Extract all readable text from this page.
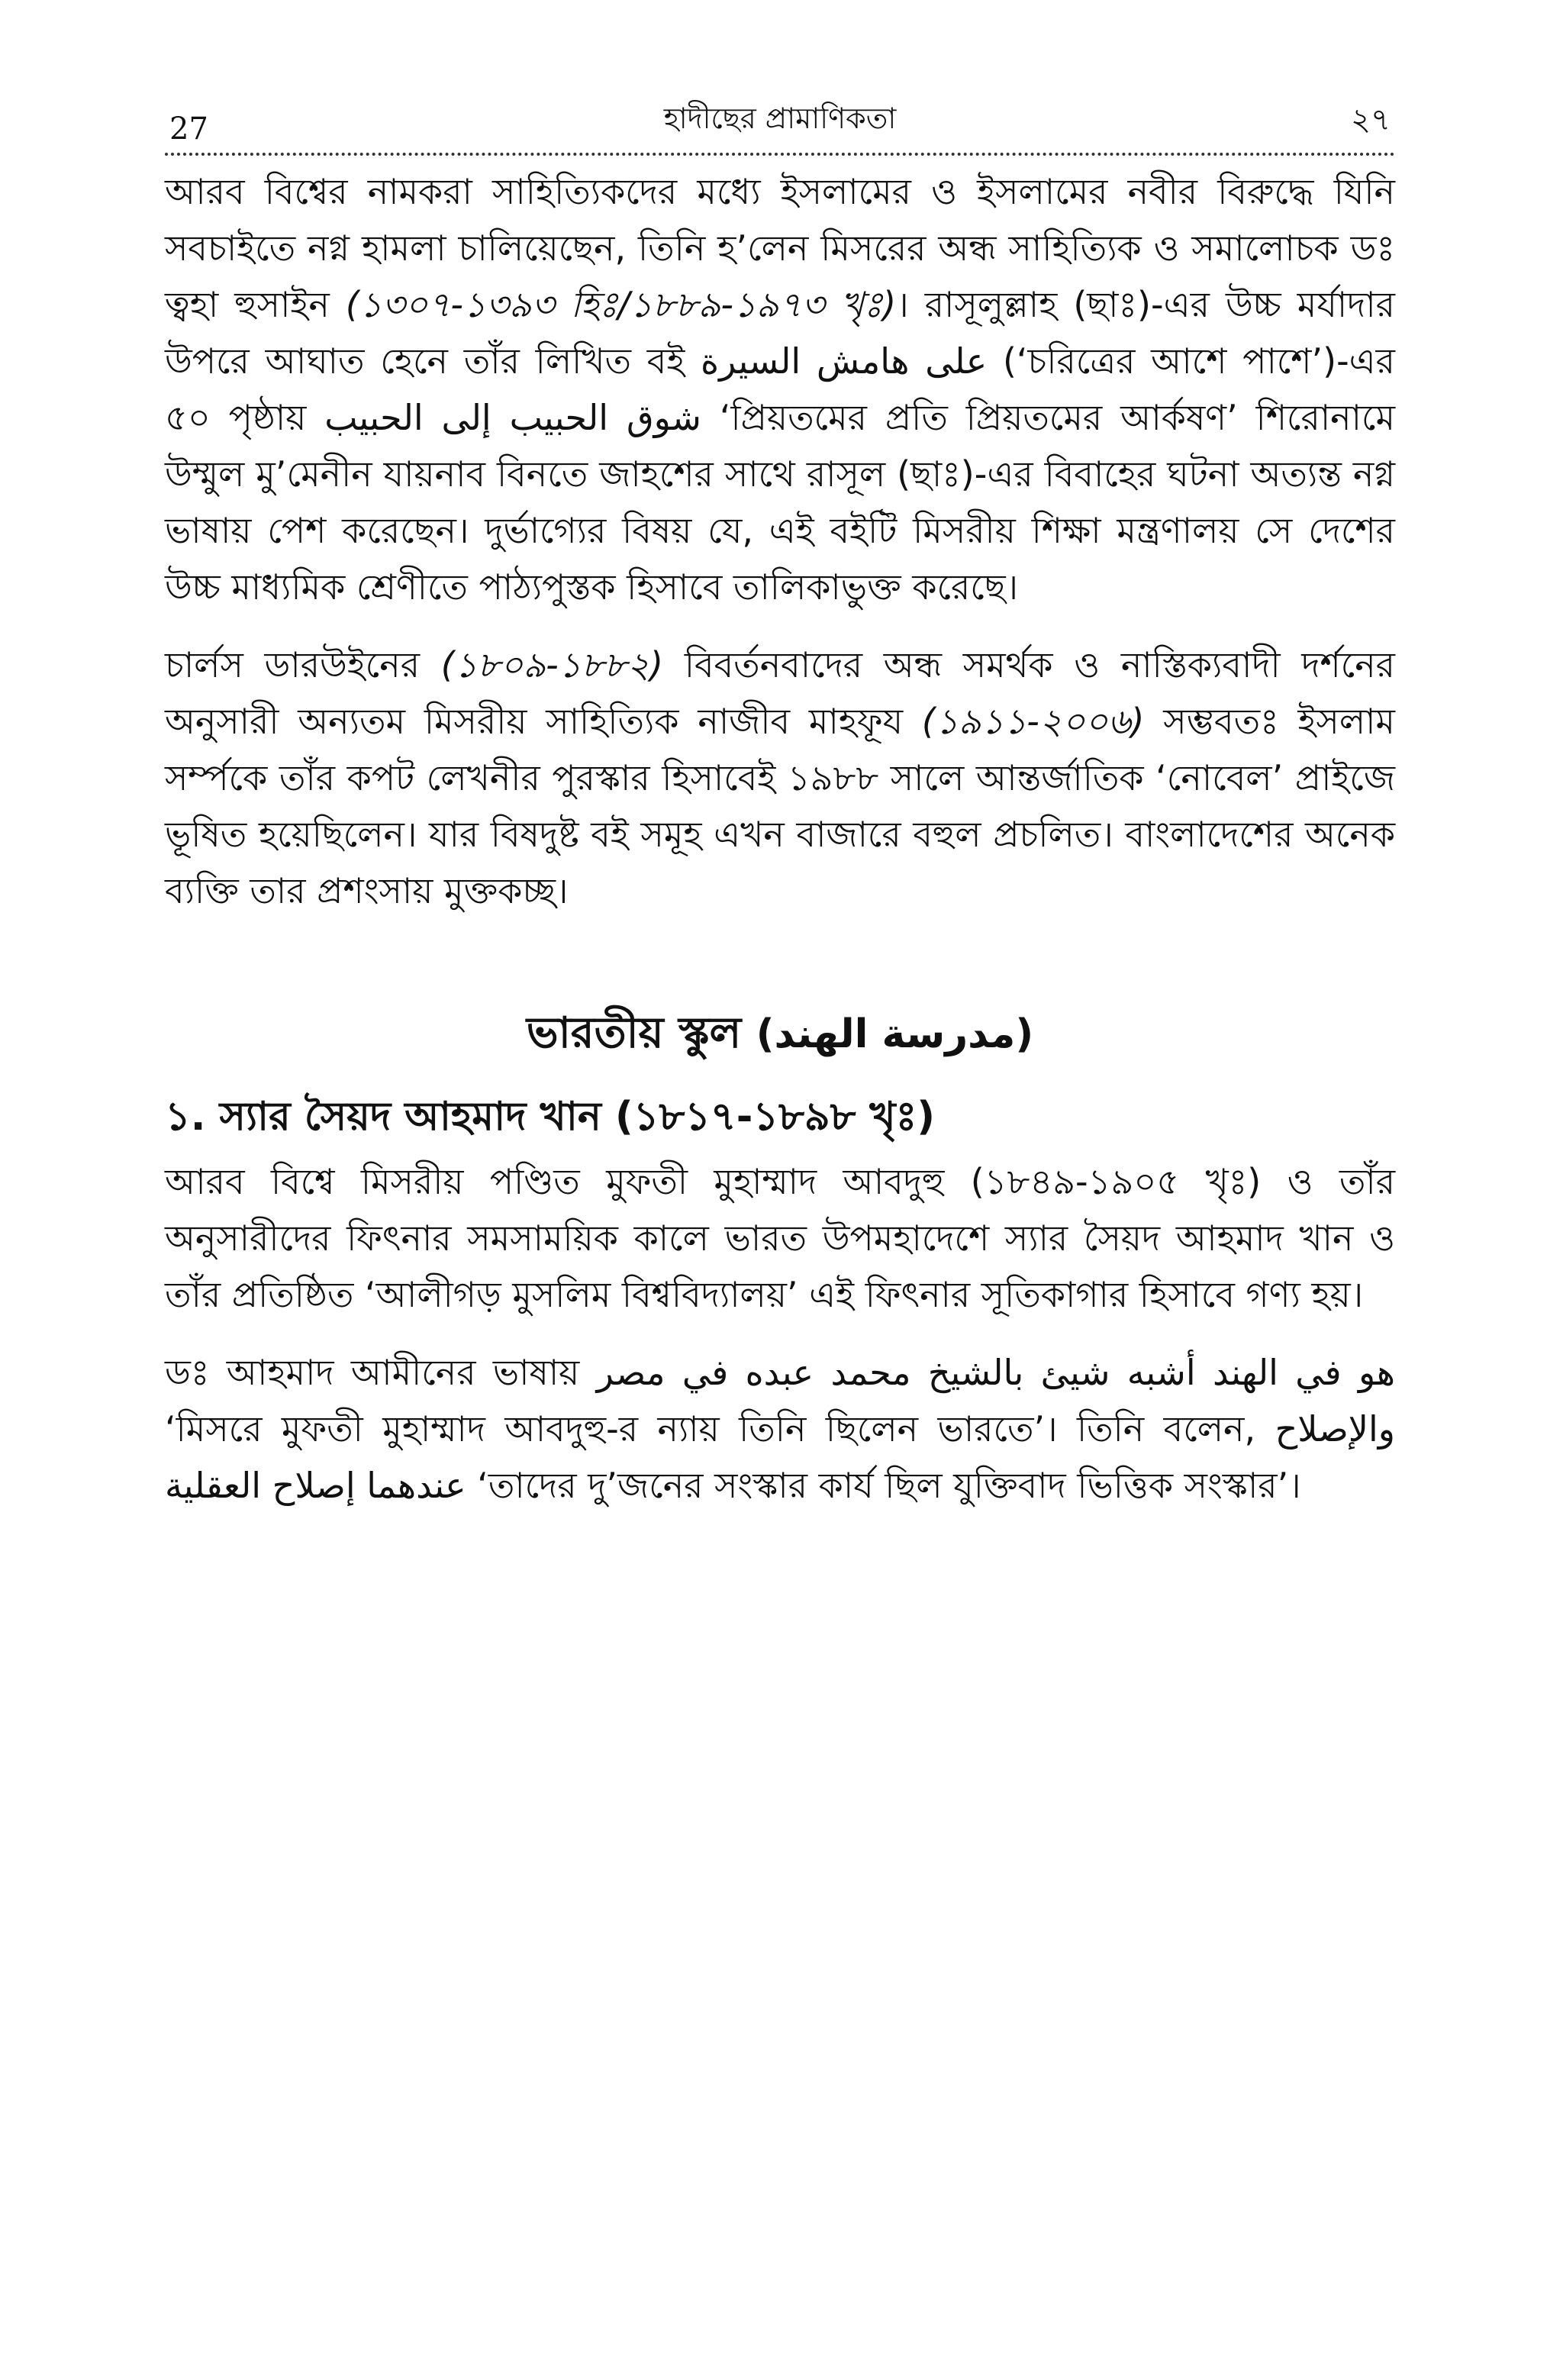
27	হাদীছের প্রামাণিকতা	২৭

আরব বিশ্বের নামকরা সাহিত্যিকদের মধ্যে ইসলামের ও ইসলামের নবীর বিরুদ্ধে যিনি সবচাইতে নগ্ন হামলা চালিয়েছেন, তিনি হ’লেন মিসরের অন্ধ সাহিত্যিক ও সমালোচক ডঃ ত্বহা হুসাইন (১৩০৭-১৩৯৩ হিঃ/১৮৮৯-১৯৭৩ খৃঃ)। রাসূলুল্লাহ (ছাঃ)-এর উচ্চ মর্যাদার উপরে আঘাত হেনে তাঁর লিখিত বই على هامش السيرة (‘চরিত্রের আশে পাশে’)-এর ৫০ পৃষ্ঠায় شوق الحبيب إلى الحبيب ‘প্রিয়তমের প্রতি প্রিয়তমের আর্কষণ’ শিরোনামে উম্মুল মু’মেনীন যায়নাব বিনতে জাহশের সাথে রাসূল (ছাঃ)-এর বিবাহের ঘটনা অত্যন্ত নগ্ন ভাষায় পেশ করেছেন। দুর্ভাগ্যের বিষয় যে, এই বইটি মিসরীয় শিক্ষা মন্ত্রণালয় সে দেশের উচ্চ মাধ্যমিক শ্রেণীতে পাঠ্যপুস্তক হিসাবে তালিকাভুক্ত করেছে।

চার্লস ডারউইনের (১৮০৯-১৮৮২) বিবর্তনবাদের অন্ধ সমর্থক ও নাস্তিক্যবাদী দর্শনের অনুসারী অন্যতম মিসরীয় সাহিত্যিক নাজীব মাহফূয (১৯১১-২০০৬) সম্ভবতঃ ইসলাম সর্ম্পকে তাঁর কপট লেখনীর পুরস্কার হিসাবেই ১৯৮৮ সালে আন্তর্জাতিক ‘নোবেল’ প্রাইজে ভূষিত হয়েছিলেন। যার বিষদুষ্ট বই সমূহ এখন বাজারে বহুল প্রচলিত। বাংলাদেশের অনেক ব্যক্তি তার প্রশংসায় মুক্তকচ্ছ।

ভারতীয় স্কুল (مدرسة الهند)
১. স্যার সৈয়দ আহমাদ খান (১৮১৭-১৮৯৮ খৃঃ)

আরব বিশ্বে মিসরীয় পণ্ডিত মুফতী মুহাম্মাদ আবদুহু (১৮৪৯-১৯০৫ খৃঃ) ও তাঁর অনুসারীদের ফিৎনার সমসাময়িক কালে ভারত উপমহাদেশে স্যার সৈয়দ আহমাদ খান ও তাঁর প্রতিষ্ঠিত ‘আলীগড় মুসলিম বিশ্ববিদ্যালয়’ এই ফিৎনার সূতিকাগার হিসাবে গণ্য হয়।

ডঃ আহমাদ আমীনের ভাষায় هو في الهند أشبه شيئ بالشيخ محمد عبده في مصر ‘মিসরে মুফতী মুহাম্মাদ আবদুহু-র ন্যায় তিনি ছিলেন ভারতে’। তিনি বলেন, والإصلاح عندهما إصلاح العقلية ‘তাদের দু’জনের সংস্কার কার্য ছিল যুক্তিবাদ ভিত্তিক সংস্কার’।
